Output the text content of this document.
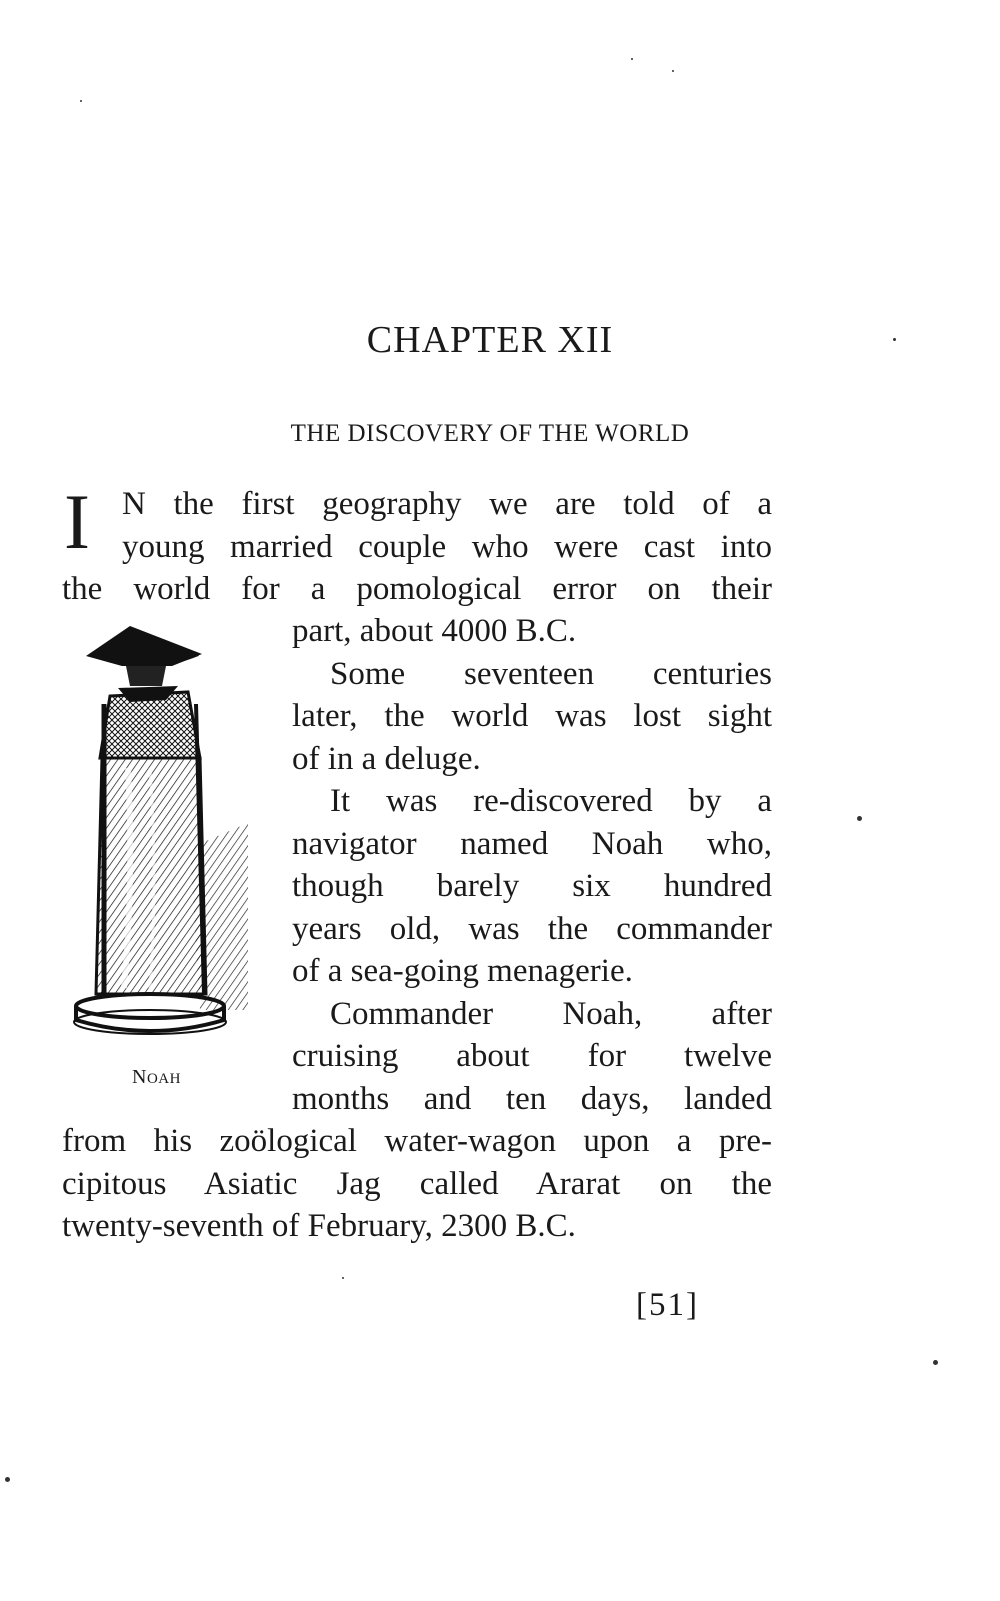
CHAPTER XII
THE DISCOVERY OF THE WORLD
I N the first geography we are told of a
young married couple who were cast into
the world for a pomological error on their
part, about 4000 B.C.
Some seventeen centuries
later, the world was lost sight
of in a deluge.
It was re-discovered by a
navigator named Noah who,
though barely six hundred
years old, was the commander
of a sea-going menagerie.
Commander Noah, after
cruising about for twelve
months and ten days, landed
from his zoölogical water-wagon upon a pre-
cipitous Asiatic Jag called Ararat on the
twenty-seventh of February, 2300 B.C.
NOAH
[51]
